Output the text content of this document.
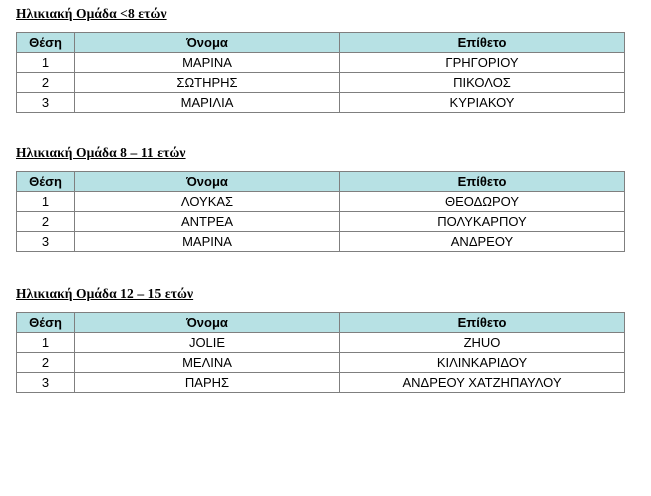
Ηλικιακή Ομάδα <8 ετών
Θέση	Όνομα	Επίθετο
1	ΜΑΡΙΝΑ	ΓΡΗΓΟΡΙΟΥ
2	ΣΩΤΗΡΗΣ	ΠΙΚΟΛΟΣ
3	ΜΑΡΙΛΙΑ	ΚΥΡΙΑΚΟΥ
Ηλικιακή Ομάδα 8 – 11 ετών
Θέση	Όνομα	Επίθετο
1	ΛΟΥΚΑΣ	ΘΕΟΔΩΡΟΥ
2	ΑΝΤΡΕΑ	ΠΟΛΥΚΑΡΠΟΥ
3	ΜΑΡΙΝΑ	ΑΝΔΡΕΟΥ
Ηλικιακή Ομάδα 12 – 15 ετών
Θέση	Όνομα	Επίθετο
1	JOLIE	ZHUO
2	ΜΕΛΙΝΑ	ΚΙΛΙΝΚΑΡΙΔΟΥ
3	ΠΑΡΗΣ	ΑΝΔΡΕΟΥ ΧΑΤΖΗΠΑΥΛΟΥ
